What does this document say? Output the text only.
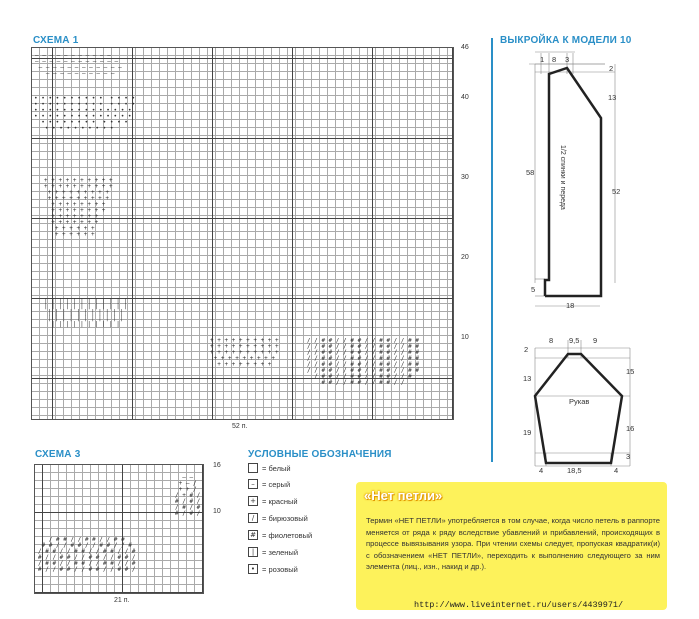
СХЕМА 1
• • • • • • • • • •  • • • •
• • • • • • • • • •  • • • •
• • • • • • • • • • • • • •
• • • • • • • • • • • • • •
• • • • • • • •  • • • •
• • • • • • • • • •
+ + + + + + + + + +
+ + + + + + + + + +
+ + + + + + + + +
+ + + + + + + + +
+ + + + + + + +
+ + + + + + + +
+ + + + + + +
+ + + + + + +
+ + + + + +
+ + + + + +
| | | | | | | | | | | |
| | | | | | | | | | | |
| | | | | | | | | | |
| | | | | | | | | | |
| | | | | | | | | |
+ + + + + + + + + +
+ + + + + + + + + +
+ + + + + + + + + +
+ + + + + + + + +
+ + + + + + + +
/ / # # / / # # / / # # / / # #
/ / # # / / # # / / # # / / # #
/ / # # / / # # / / # # / / # #
/ / # # / / # # / / # # / / # #
/ / # # / / # # / / # # / / # #
/ / # # / / # # / / # # / / # #
/ # # / / # # / / # # / / #
# # / / # # / / # # / /
– – – – – – – – – – –
– – – – – – – – – – – –
– – – – – – – – – – – –
– – – – – – – – – –
46
40
30
20
10
52 п.
СХЕМА 3
– –
+ – /
+ + /
/ + # /
# / # /
/ # / #
# / # /
/ # # / / # # / / # #
# # / / # # / / # # / / #
/ # # / / # # / / # # / / #
# / / # # / / # # / / # # /
/ # # / / # # / / # # / / #
# / / # # / / # # / / # # /
16
10
21 п.
УСЛОВНЫЕ ОБОЗНАЧЕНИЯ
= белый
– = серый
+ = красный
/	= бирюзовый
# = фиолетовый
|	= зеленый
• = розовый
ВЫКРОЙКА К МОДЕЛИ 10
1 8 3
2
13
58
52
5
18
1/2 спинки и переда
8 9,5 9
2
13
15
19	16
4	18,5	4
3
Рукав
«Нет петли»
Термин «НЕТ ПЕТЛИ» употребляется в том случае, когда число петель в раппорте меняется от ряда к ряду вследствие убавлений и прибавлений, происходящих в процессе вывязывания узора. При чтении схемы следует, пропуская квадратик(и) с обозначением «НЕТ ПЕТЛИ», переходить к выполнению следующего за ним элемента (лиц., изн., накид и др.).
http://www.liveinternet.ru/users/4439971/
